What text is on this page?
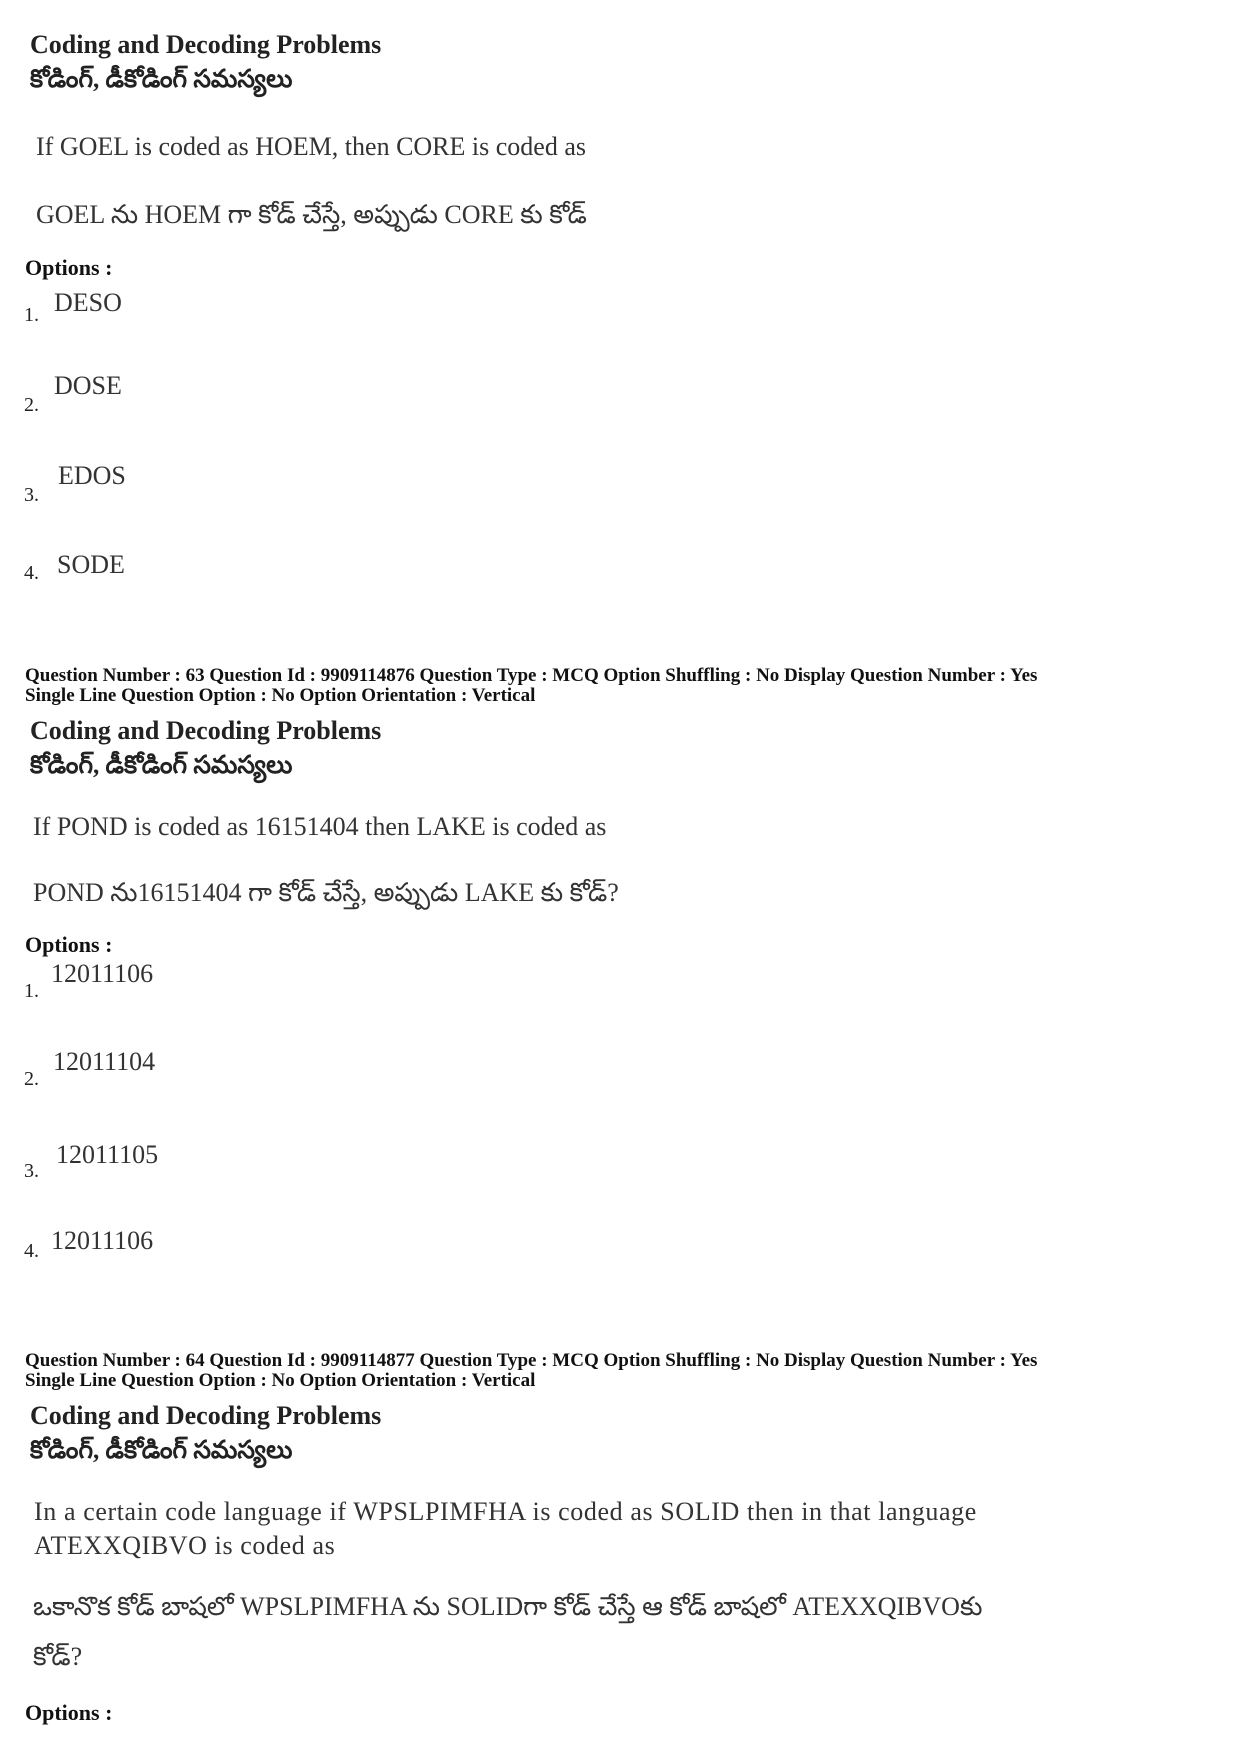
Coding and Decoding Problems
కోడింగ్, డీకోడింగ్ సమస్యలు
If GOEL is coded as HOEM, then CORE is coded as
GOEL ను HOEM గా కోడ్ చేస్తే, అప్పుడు CORE కు కోడ్
Options :
1. DESO
2.
DOSE
3.
EDOS
4. SODE
Question Number : 63 Question Id : 9909114876 Question Type : MCQ Option Shuffling : No Display Question Number : Yes
Single Line Question Option : No Option Orientation : Vertical
Coding and Decoding Problems
కోడింగ్, డీకోడింగ్ సమస్యలు
If POND is coded as 16151404 then LAKE is coded as
POND ను16151404 గా కోడ్ చేస్తే, అప్పుడు LAKE కు కోడ్?
Options :
1.
12011106
2.
12011104
3.
12011105
4. 12011106
Question Number : 64 Question Id : 9909114877 Question Type : MCQ Option Shuffling : No Display Question Number : Yes
Single Line Question Option : No Option Orientation : Vertical
Coding and Decoding Problems
కోడింగ్, డీకోడింగ్ సమస్యలు
In a certain code language if WPSLPIMFHA is coded as SOLID then in that language ATEXXQIBVO is coded as
ఒకానొక కోడ్ బాషలో WPSLPIMFHA ను SOLIDగా కోడ్ చేస్తే ఆ కోడ్ బాషలో ATEXXQIBVOకు
కోడ్?
Options :
